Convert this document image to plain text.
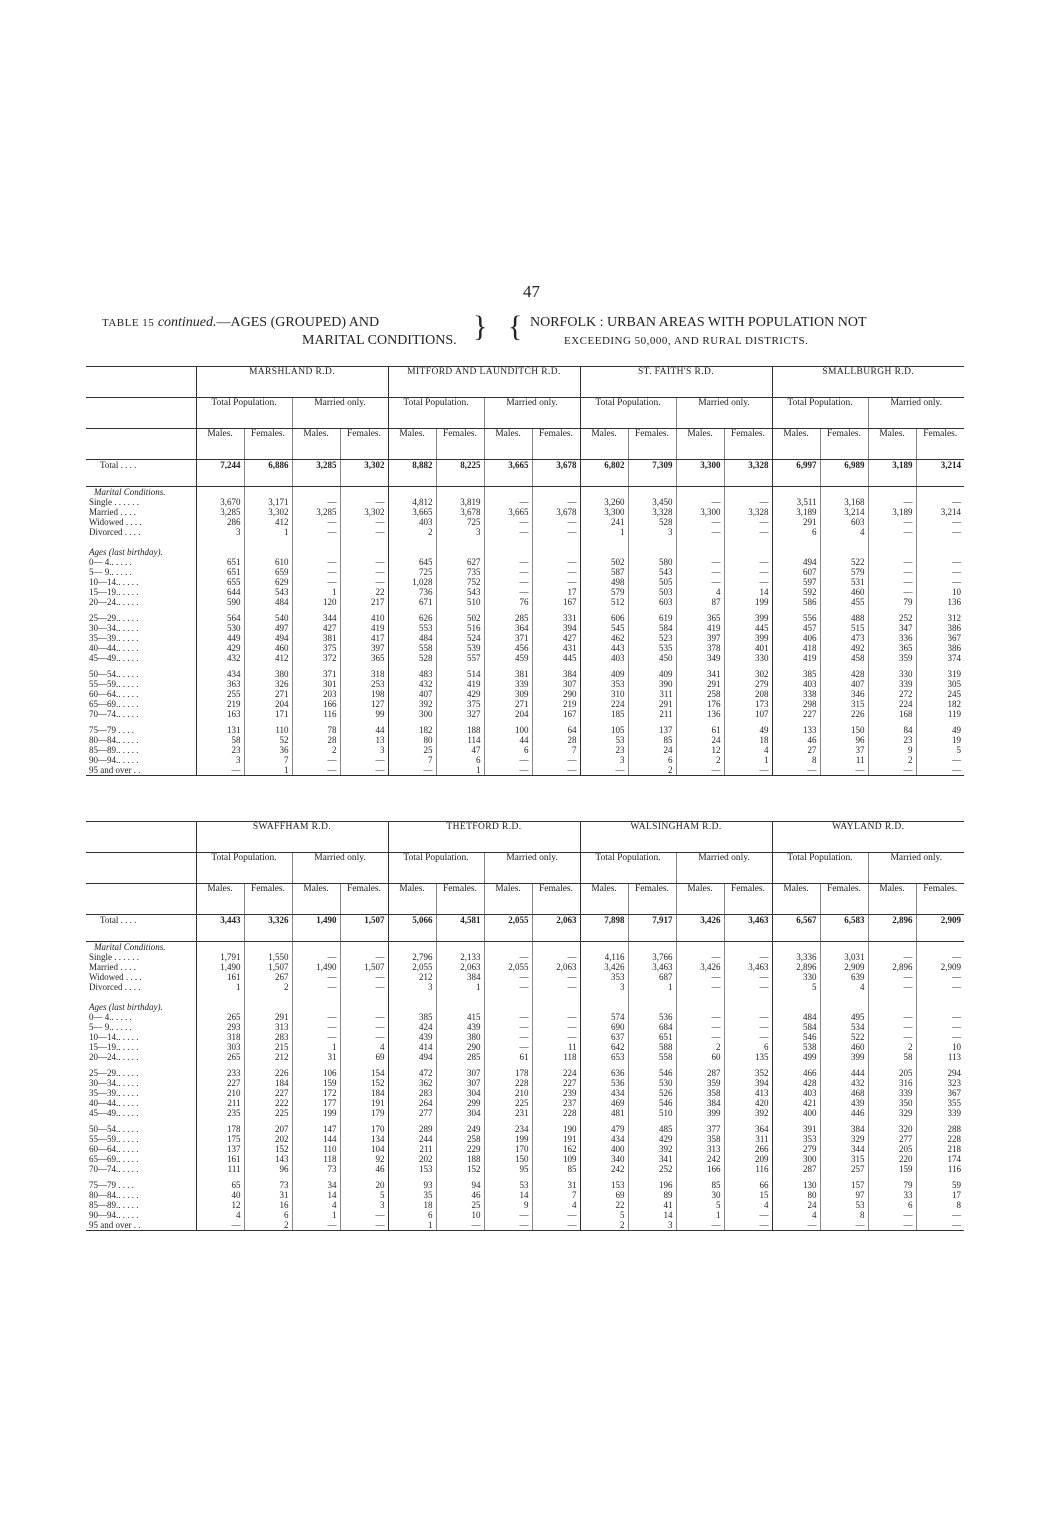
47
TABLE 15 continued.—AGES (GROUPED) AND
MARITAL CONDITIONS. } { NORFOLK : URBAN AREAS WITH POPULATION NOT
EXCEEDING 50,000, AND RURAL DISTRICTS.
	MARSHLAND R.D.				MITFORD AND LAUNDITCH R.D.				ST. FAITH'S R.D.				SMALLBURGH R.D.			
	Total Population.		Married only.		Total Population.		Married only.		Total Population.		Married only.		Total Population.		Married only.	
	Males.	Females.	Males.	Females.	Males.	Females.	Males.	Females.	Males.	Females.	Males.	Females.	Males.	Females.	Males.	Females.
Total . . . .	7,244	6,886	3,285	3,302	8,882	8,225	3,665	3,678	6,802	7,309	3,300	3,328	6,997	6,989	3,189	3,214
Marital Conditions.																
Single . . . . . .	3,670	3,171	—	—	4,812	3,819	—	—	3,260	3,450	—	—	3,511	3,168	—	—
Married . . . .	3,285	3,302	3,285	3,302	3,665	3,678	3,665	3,678	3,300	3,328	3,300	3,328	3,189	3,214	3,189	3,214
Widowed . . . .	286	412	—	—	403	725	—	—	241	528	—	—	291	603	—	—
Divorced . . . .	3	1	—	—	2	3	—	—	1	3	—	—	6	4	—	—
Ages (last birthday).																
0— 4.. . . . .	651	610	—	—	645	627	—	—	502	580	—	—	494	522	—	—
5— 9.. . . . .	651	659	—	—	725	735	—	—	587	543	—	—	607	579	—	—
10—14.. . . . .	655	629	—	—	1,028	752	—	—	498	505	—	—	597	531	—	—
15—19.. . . . .	644	543	1	22	736	543	—	17	579	503	4	14	592	460	—	10
20—24.. . . . .	590	484	120	217	671	510	76	167	512	603	87	199	586	455	79	136
25—29.. . . . .	564	540	344	410	626	502	285	331	606	619	365	399	556	488	252	312
30—34.. . . . .	530	497	427	419	553	516	364	394	545	584	419	445	457	515	347	386
35—39.. . . . .	449	494	381	417	484	524	371	427	462	523	397	399	406	473	336	367
40—44.. . . . .	429	460	375	397	558	539	456	431	443	535	378	401	418	492	365	386
45—49.. . . . .	432	412	372	365	528	557	459	445	403	450	349	330	419	458	359	374
50—54.. . . . .	434	380	371	318	483	514	381	384	409	409	341	302	385	428	330	319
55—59.. . . . .	363	326	301	253	432	419	339	307	353	390	291	279	403	407	339	305
60—64.. . . . .	255	271	203	198	407	429	309	290	310	311	258	208	338	346	272	245
65—69.. . . . .	219	204	166	127	392	375	271	219	224	291	176	173	298	315	224	182
70—74.. . . . .	163	171	116	99	300	327	204	167	185	211	136	107	227	226	168	119
75—79 . . . .	131	110	78	44	182	188	100	64	105	137	61	49	133	150	84	49
80—84.. . . . .	58	52	28	13	80	114	44	28	53	85	24	18	46	96	23	19
85—89.. . . . .	23	36	2	3	25	47	6	7	23	24	12	4	27	37	9	5
90—94.. . . . .	3	7	—	—	7	6	—	—	3	6	2	1	8	11	2	—
95 and over . .	—	1	—	—	—	1	—	—	—	2	—	—	—	—	—	—
	SWAFFHAM R.D.				THETFORD R.D.				WALSINGHAM R.D.				WAYLAND R.D.			
	Total Population.		Married only.		Total Population.		Married only.		Total Population.		Married only.		Total Population.		Married only.	
	Males.	Females.	Males.	Females.	Males.	Females.	Males.	Females.	Males.	Females.	Males.	Females.	Males.	Females.	Males.	Females.
Total . . . .	3,443	3,326	1,490	1,507	5,066	4,581	2,055	2,063	7,898	7,917	3,426	3,463	6,567	6,583	2,896	2,909
Marital Conditions.																
Single . . . . . .	1,791	1,550	—	—	2,796	2,133	—	—	4,116	3,766	—	—	3,336	3,031	—	—
Married . . . .	1,490	1,507	1,490	1,507	2,055	2,063	2,055	2,063	3,426	3,463	3,426	3,463	2,896	2,909	2,896	2,909
Widowed . . . .	161	267	—	—	212	384	—	—	353	687	—	—	330	639	—	—
Divorced . . . .	1	2	—	—	3	1	—	—	3	1	—	—	5	4	—	—
Ages (last birthday).																
0— 4.. . . . .	265	291	—	—	385	415	—	—	574	536	—	—	484	495	—	—
5— 9.. . . . .	293	313	—	—	424	439	—	—	690	684	—	—	584	534	—	—
10—14.. . . . .	318	283	—	—	439	380	—	—	637	651	—	—	546	522	—	—
15—19.. . . . .	303	215	1	4	414	290	—	11	642	588	2	6	538	460	2	10
20—24.. . . . .	265	212	31	69	494	285	61	118	653	558	60	135	499	399	58	113
25—29.. . . . .	233	226	106	154	472	307	178	224	636	546	287	352	466	444	205	294
30—34.. . . . .	227	184	159	152	362	307	228	227	536	530	359	394	428	432	316	323
35—39.. . . . .	210	227	172	184	283	304	210	239	434	526	358	413	403	468	339	367
40—44.. . . . .	211	222	177	191	264	299	225	237	469	546	384	420	421	439	350	355
45—49.. . . . .	235	225	199	179	277	304	231	228	481	510	399	392	400	446	329	339
50—54.. . . . .	178	207	147	170	289	249	234	190	479	485	377	364	391	384	320	288
55—59.. . . . .	175	202	144	134	244	258	199	191	434	429	358	311	353	329	277	228
60—64.. . . . .	137	152	110	104	211	229	170	162	400	392	313	266	279	344	205	218
65—69.. . . . .	161	143	118	92	202	188	150	109	340	341	242	209	300	315	220	174
70—74.. . . . .	111	96	73	46	153	152	95	85	242	252	166	116	287	257	159	116
75—79 . . . .	65	73	34	20	93	94	53	31	153	196	85	66	130	157	79	59
80—84.. . . . .	40	31	14	5	35	46	14	7	69	89	30	15	80	97	33	17
85—89.. . . . .	12	16	4	3	18	25	9	4	22	41	5	4	24	53	6	8
90—94.. . . . .	4	6	1	—	6	10	—	—	5	14	1	—	4	8	—	—
95 and over . .	—	2	—	—	1	—	—	—	2	3	—	—	—	—	—	—
